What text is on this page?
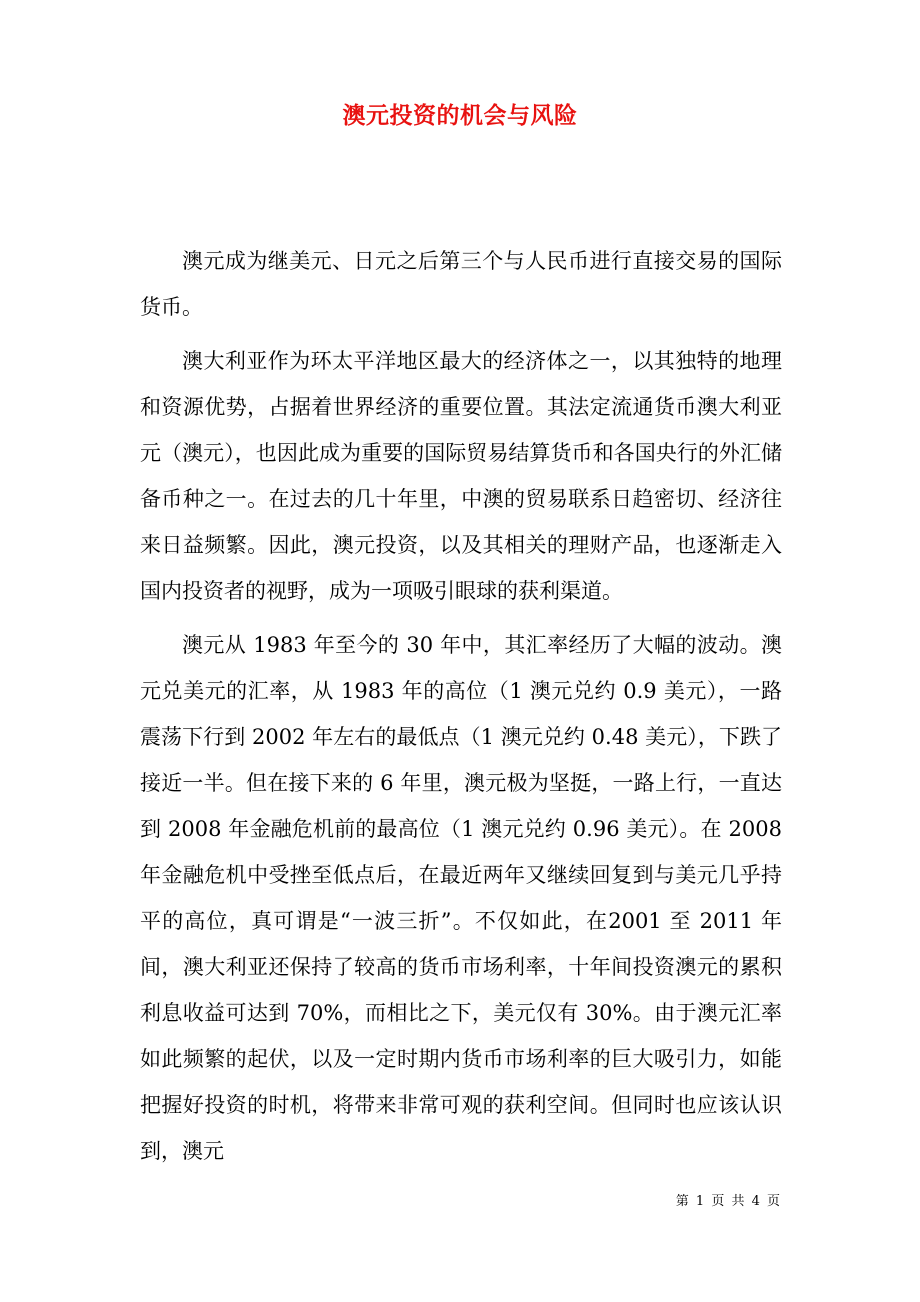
澳元投资的机会与风险

澳元成为继美元、日元之后第三个与人民币进行直接交易的国际货币。

澳大利亚作为环太平洋地区最大的经济体之一，以其独特的地理和资源优势，占据着世界经济的重要位置。其法定流通货币澳大利亚元（澳元），也因此成为重要的国际贸易结算货币和各国央行的外汇储备币种之一。在过去的几十年里，中澳的贸易联系日趋密切、经济往来日益频繁。因此，澳元投资，以及其相关的理财产品，也逐渐走入国内投资者的视野，成为一项吸引眼球的获利渠道。

澳元从 1983 年至今的 30 年中，其汇率经历了大幅的波动。澳元兑美元的汇率，从 1983 年的高位（1 澳元兑约 0.9 美元），一路震荡下行到 2002 年左右的最低点（1 澳元兑约 0.48 美元），下跌了接近一半。但在接下来的 6 年里，澳元极为坚挺，一路上行，一直达到 2008 年金融危机前的最高位（1 澳元兑约 0.96 美元）。在 2008 年金融危机中受挫至低点后，在最近两年又继续回复到与美元几乎持平的高位，真可谓是“一波三折”。不仅如此，在2001 至 2011 年间，澳大利亚还保持了较高的货币市场利率，十年间投资澳元的累积利息收益可达到 70%，而相比之下，美元仅有 30%。由于澳元汇率如此频繁的起伏，以及一定时期内货币市场利率的巨大吸引力，如能把握好投资的时机，将带来非常可观的获利空间。但同时也应该认识到，澳元

第 1 页 共 4 页
